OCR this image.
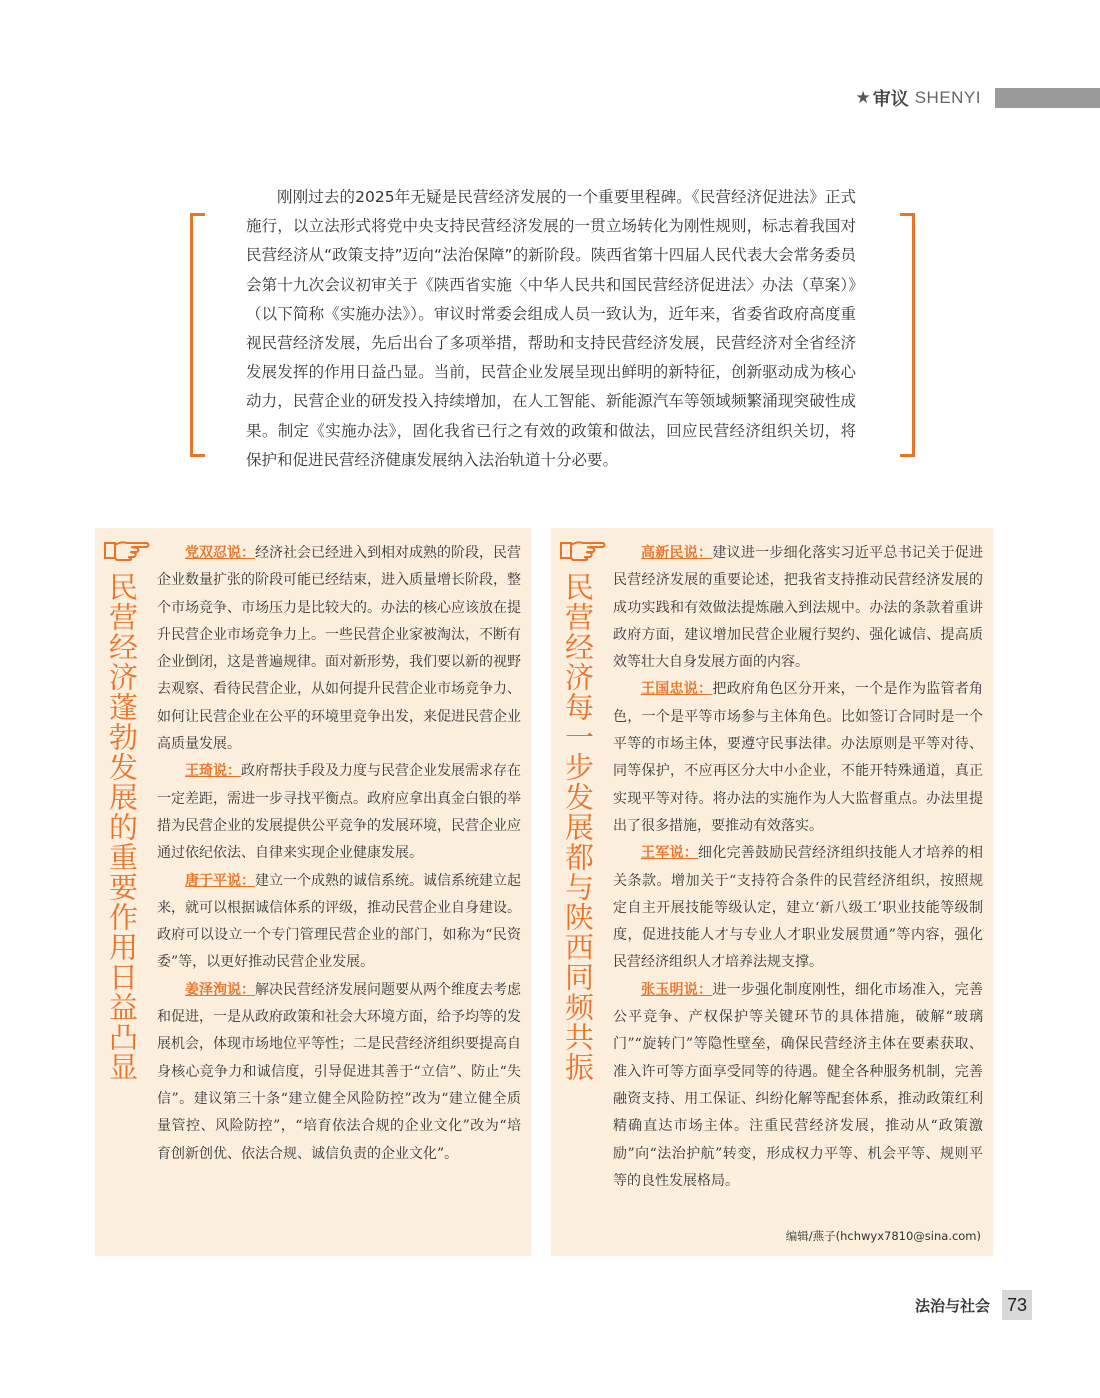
★ 审议 SHENYI
刚刚过去的2025年无疑是民营经济发展的一个重要里程碑。《民营经济促进法》正式施行，以立法形式将党中央支持民营经济发展的一贯立场转化为刚性规则，标志着我国对民营经济从“政策支持”迈向“法治保障”的新阶段。陕西省第十四届人民代表大会常务委员会第十九次会议初审关于《陕西省实施〈中华人民共和国民营经济促进法〉办法（草案）》（以下简称《实施办法》）。审议时常委会组成人员一致认为，近年来，省委省政府高度重视民营经济发展，先后出台了多项举措，帮助和支持民营经济发展，民营经济对全省经济发展发挥的作用日益凸显。当前，民营企业发展呈现出鲜明的新特征，创新驱动成为核心动力，民营企业的研发投入持续增加，在人工智能、新能源汽车等领域频繁涌现突破性成果。制定《实施办法》，固化我省已行之有效的政策和做法，回应民营经济组织关切，将保护和促进民营经济健康发展纳入法治轨道十分必要。
民营经济蓬勃发展的重要作用日益凸显

党双忍说：经济社会已经进入到相对成熟的阶段，民营企业数量扩张的阶段可能已经结束，进入质量增长阶段，整个市场竞争、市场压力是比较大的。办法的核心应该放在提升民营企业市场竞争力上。一些民营企业家被淘汰，不断有企业倒闭，这是普遍规律。面对新形势，我们要以新的视野去观察、看待民营企业，从如何提升民营企业市场竞争力、如何让民营企业在公平的环境里竞争出发，来促进民营企业高质量发展。

王琦说：政府帮扶手段及力度与民营企业发展需求存在一定差距，需进一步寻找平衡点。政府应拿出真金白银的举措为民营企业的发展提供公平竞争的发展环境，民营企业应通过依纪依法、自律来实现企业健康发展。

唐于平说：建立一个成熟的诚信系统。诚信系统建立起来，就可以根据诚信体系的评级，推动民营企业自身建设。政府可以设立一个专门管理民营企业的部门，如称为“民资委”等，以更好推动民营企业发展。

姜泽洵说：解决民营经济发展问题要从两个维度去考虑和促进，一是从政府政策和社会大环境方面，给予均等的发展机会，体现市场地位平等性；二是民营经济组织要提高自身核心竞争力和诚信度，引导促进其善于“立信”、防止“失信”。建议第三十条“建立健全风险防控”改为“建立健全质量管控、风险防控”，“培育依法合规的企业文化”改为“培育创新创优、依法合规、诚信负责的企业文化”。

民营经济每一步发展都与陕西同频共振

高新民说：建议进一步细化落实习近平总书记关于促进民营经济发展的重要论述，把我省支持推动民营经济发展的成功实践和有效做法提炼融入到法规中。办法的条款着重讲政府方面，建议增加民营企业履行契约、强化诚信、提高质效等壮大自身发展方面的内容。

王国忠说：把政府角色区分开来，一个是作为监管者角色，一个是平等市场参与主体角色。比如签订合同时是一个平等的市场主体，要遵守民事法律。办法原则是平等对待、同等保护，不应再区分大中小企业，不能开特殊通道，真正实现平等对待。将办法的实施作为人大监督重点。办法里提出了很多措施，要推动有效落实。

王军说：细化完善鼓励民营经济组织技能人才培养的相关条款。增加关于“支持符合条件的民营经济组织，按照规定自主开展技能等级认定，建立‘新八级工’职业技能等级制度，促进技能人才与专业人才职业发展贯通”等内容，强化民营经济组织人才培养法规支撑。

张玉明说：进一步强化制度刚性，细化市场准入，完善公平竞争、产权保护等关键环节的具体措施，破解“玻璃门”“旋转门”等隐性壁垒，确保民营经济主体在要素获取、准入许可等方面享受同等的待遇。健全各种服务机制，完善融资支持、用工保证、纠纷化解等配套体系，推动政策红利精确直达市场主体。注重民营经济发展，推动从“政策激励”向“法治护航”转变，形成权力平等、机会平等、规则平等的良性发展格局。

编辑/燕子(hchwyx7810@sina.com)
法治与社会 73
